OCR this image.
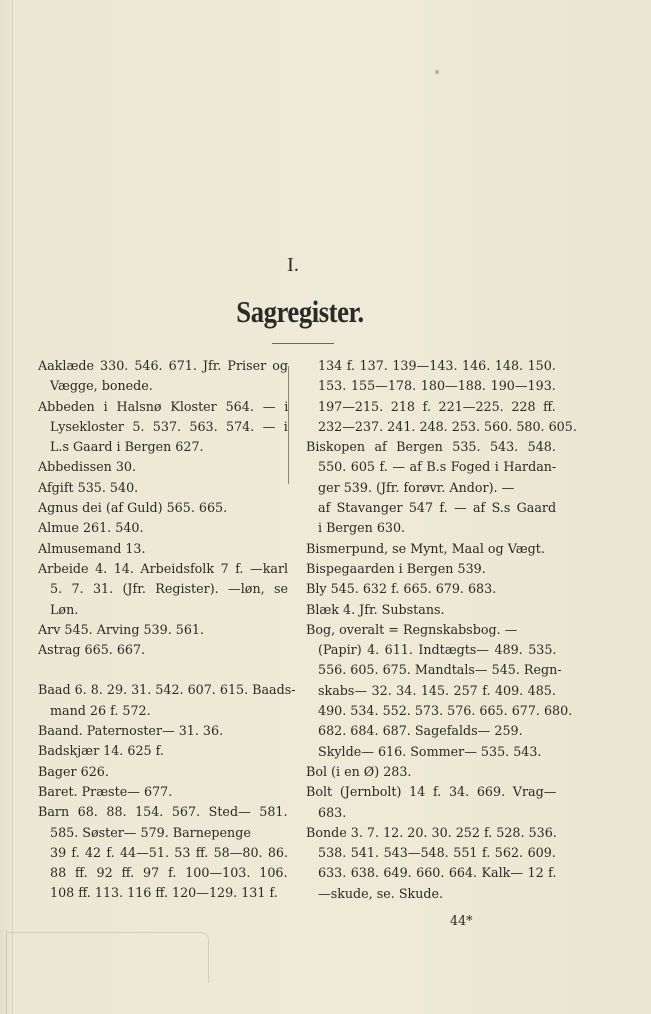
I.
Sagregister.
Aaklæde 330. 546. 671. Jfr. Priser og
Vægge, bonede.
Abbeden i Halsnø Kloster 564. — i
Lysekloster 5. 537. 563. 574. — i
L.s Gaard i Bergen 627.
Abbedissen 30.
Afgift 535. 540.
Agnus dei (af Guld) 565. 665.
Almue 261. 540.
Almusemand 13.
Arbeide 4. 14. Arbeidsfolk 7 f. —karl
5. 7. 31. (Jfr. Register). —løn, se
Løn.
Arv 545. Arving 539. 561.
Astrag 665. 667.
Baad 6. 8. 29. 31. 542. 607. 615. Baads-
mand 26 f. 572.
Baand. Paternoster— 31. 36.
Badskjær 14. 625 f.
Bager 626.
Baret. Præste— 677.
Barn 68. 88. 154. 567. Sted— 581.
585. Søster— 579. Barnepenge
39 f. 42 f. 44—51. 53 ff. 58—80. 86.
88 ff. 92 ff. 97 f. 100—103. 106.
108 ff. 113. 116 ff. 120—129. 131 f.
134 f. 137. 139—143. 146. 148. 150.
153. 155—178. 180—188. 190—193.
197—215. 218 f. 221—225. 228 ff.
232—237. 241. 248. 253. 560. 580. 605.
Biskopen af Bergen 535. 543. 548.
550. 605 f. — af B.s Foged i Hardan-
ger 539. (Jfr. forøvr. Andor). —
af Stavanger 547 f. — af S.s Gaard
i Bergen 630.
Bismerpund, se Mynt, Maal og Vægt.
Bispegaarden i Bergen 539.
Bly 545. 632 f. 665. 679. 683.
Blæk 4. Jfr. Substans.
Bog, overalt = Regnskabsbog. —
(Papir) 4. 611. Indtægts— 489. 535.
556. 605. 675. Mandtals— 545. Regn-
skabs— 32. 34. 145. 257 f. 409. 485.
490. 534. 552. 573. 576. 665. 677. 680.
682. 684. 687. Sagefalds— 259.
Skylde— 616. Sommer— 535. 543.
Bol (i en Ø) 283.
Bolt (Jernbolt) 14 f. 34. 669. Vrag—
683.
Bonde 3. 7. 12. 20. 30. 252 f. 528. 536.
538. 541. 543—548. 551 f. 562. 609.
633. 638. 649. 660. 664. Kalk— 12 f.
—skude, se. Skude.
44*
